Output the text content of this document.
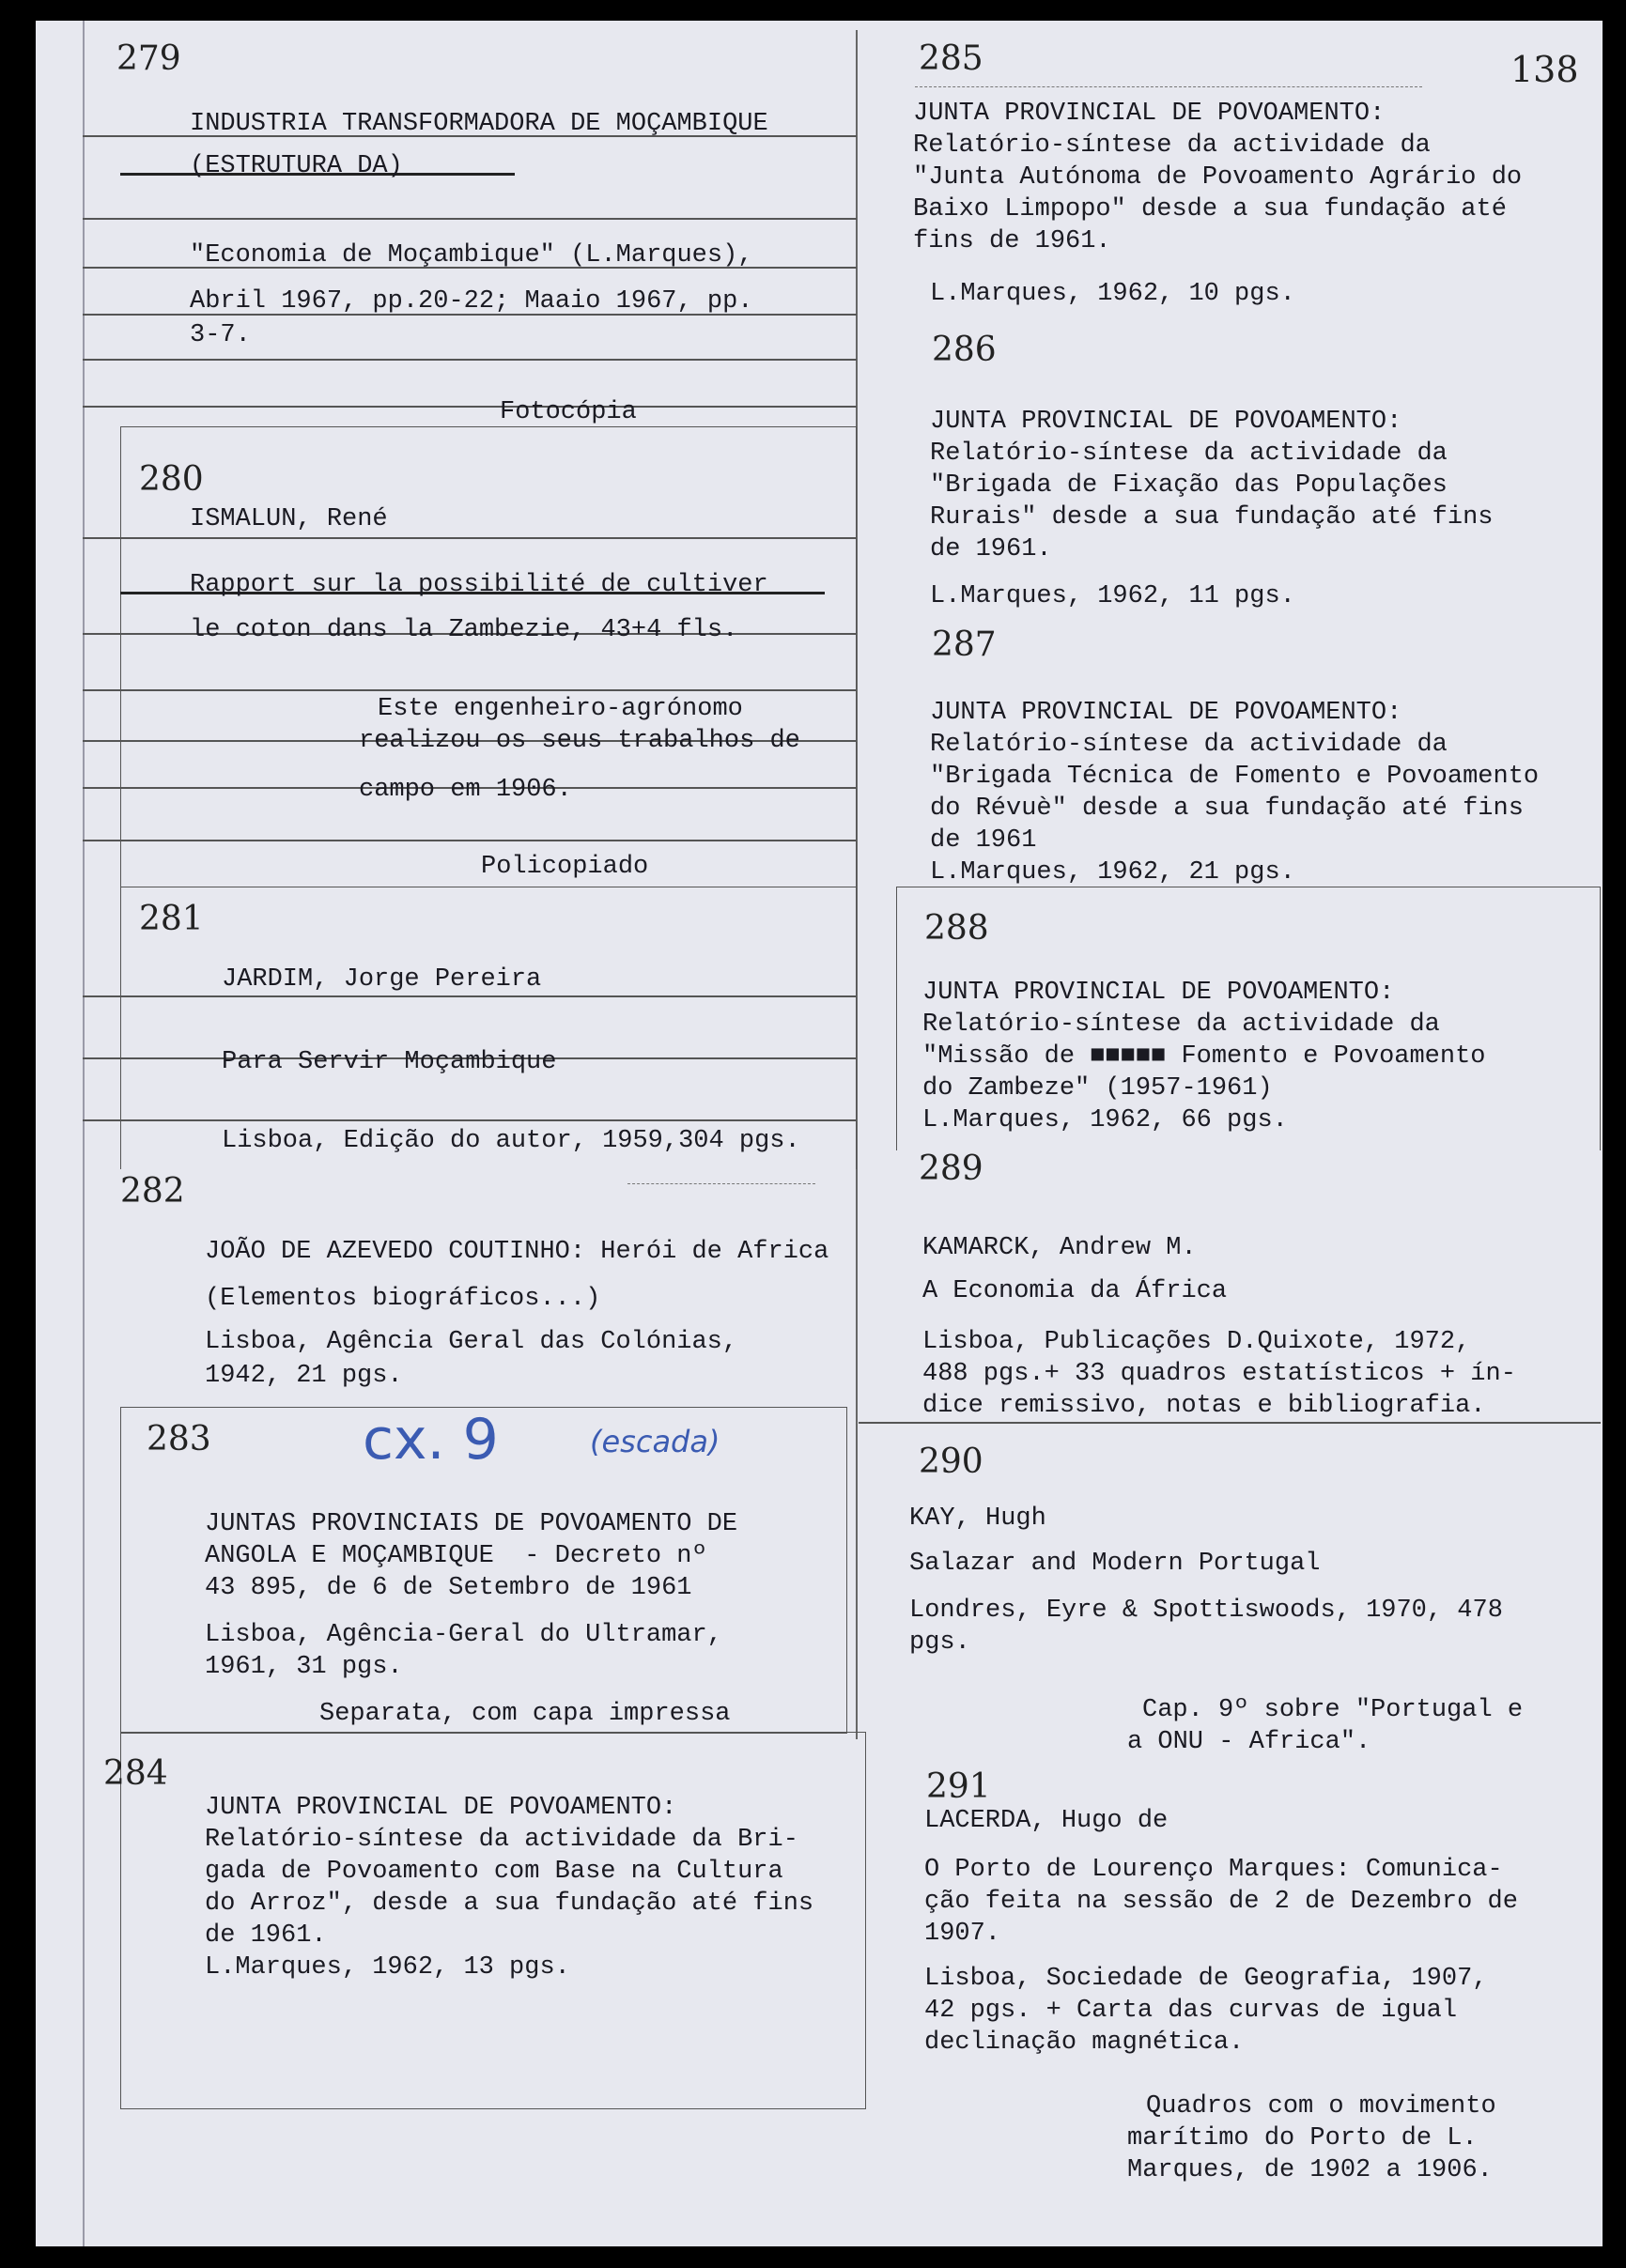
138
279
INDUSTRIA TRANSFORMADORA DE MOÇAMBIQUE
(ESTRUTURA DA)
"Economia de Moçambique" (L.Marques),
Abril 1967, pp.20-22; Maaio 1967, pp.
3-7.
Fotocópia
280
ISMALUN, René
Rapport sur la possibilité de cultiver
le coton dans la Zambezie, 43+4 fls.
Este engenheiro-agrónomo
realizou os seus trabalhos de
campo em 1906.
Policopiado
281
JARDIM, Jorge Pereira
Para Servir Moçambique
Lisboa, Edição do autor, 1959,304 pgs.
282
JOÃO DE AZEVEDO COUTINHO: Herói de Africa
(Elementos biográficos...)
Lisboa, Agência Geral das Colónias,
1942, 21 pgs.
283	cx. 9	(escada)
JUNTAS PROVINCIAIS DE POVOAMENTO DE
ANGOLA E MOÇAMBIQUE  - Decreto nº
43 895, de 6 de Setembro de 1961
Lisboa, Agência-Geral do Ultramar,
1961, 31 pgs.
Separata, com capa impressa
284
JUNTA PROVINCIAL DE POVOAMENTO:
Relatório-síntese da actividade da Bri-
gada de Povoamento com Base na Cultura
do Arroz", desde a sua fundação até fins
de 1961.
L.Marques, 1962, 13 pgs.
285
JUNTA PROVINCIAL DE POVOAMENTO:
Relatório-síntese da actividade da
"Junta Autónoma de Povoamento Agrário do
Baixo Limpopo" desde a sua fundação até
fins de 1961.
L.Marques, 1962, 10 pgs.
286
JUNTA PROVINCIAL DE POVOAMENTO:
Relatório-síntese da actividade da
"Brigada de Fixação das Populações
Rurais" desde a sua fundação até fins
de 1961.
L.Marques, 1962, 11 pgs.
287
JUNTA PROVINCIAL DE POVOAMENTO:
Relatório-síntese da actividade da
"Brigada Técnica de Fomento e Povoamento
do Révuè" desde a sua fundação até fins
de 1961
L.Marques, 1962, 21 pgs.
288
JUNTA PROVINCIAL DE POVOAMENTO:
Relatório-síntese da actividade da
"Missão de ■■■■■ Fomento e Povoamento
do Zambeze" (1957-1961)
L.Marques, 1962, 66 pgs.
289
KAMARCK, Andrew M.
A Economia da África
Lisboa, Publicações D.Quixote, 1972,
488 pgs.+ 33 quadros estatísticos + ín-
dice remissivo, notas e bibliografia.
290
KAY, Hugh
Salazar and Modern Portugal
Londres, Eyre & Spottiswoods, 1970, 478
pgs.
Cap. 9º sobre "Portugal e
a ONU - Africa".
291
LACERDA, Hugo de
O Porto de Lourenço Marques: Comunica-
ção feita na sessão de 2 de Dezembro de
1907.
Lisboa, Sociedade de Geografia, 1907,
42 pgs. + Carta das curvas de igual
declinação magnética.
Quadros com o movimento
marítimo do Porto de L.
Marques, de 1902 a 1906.
